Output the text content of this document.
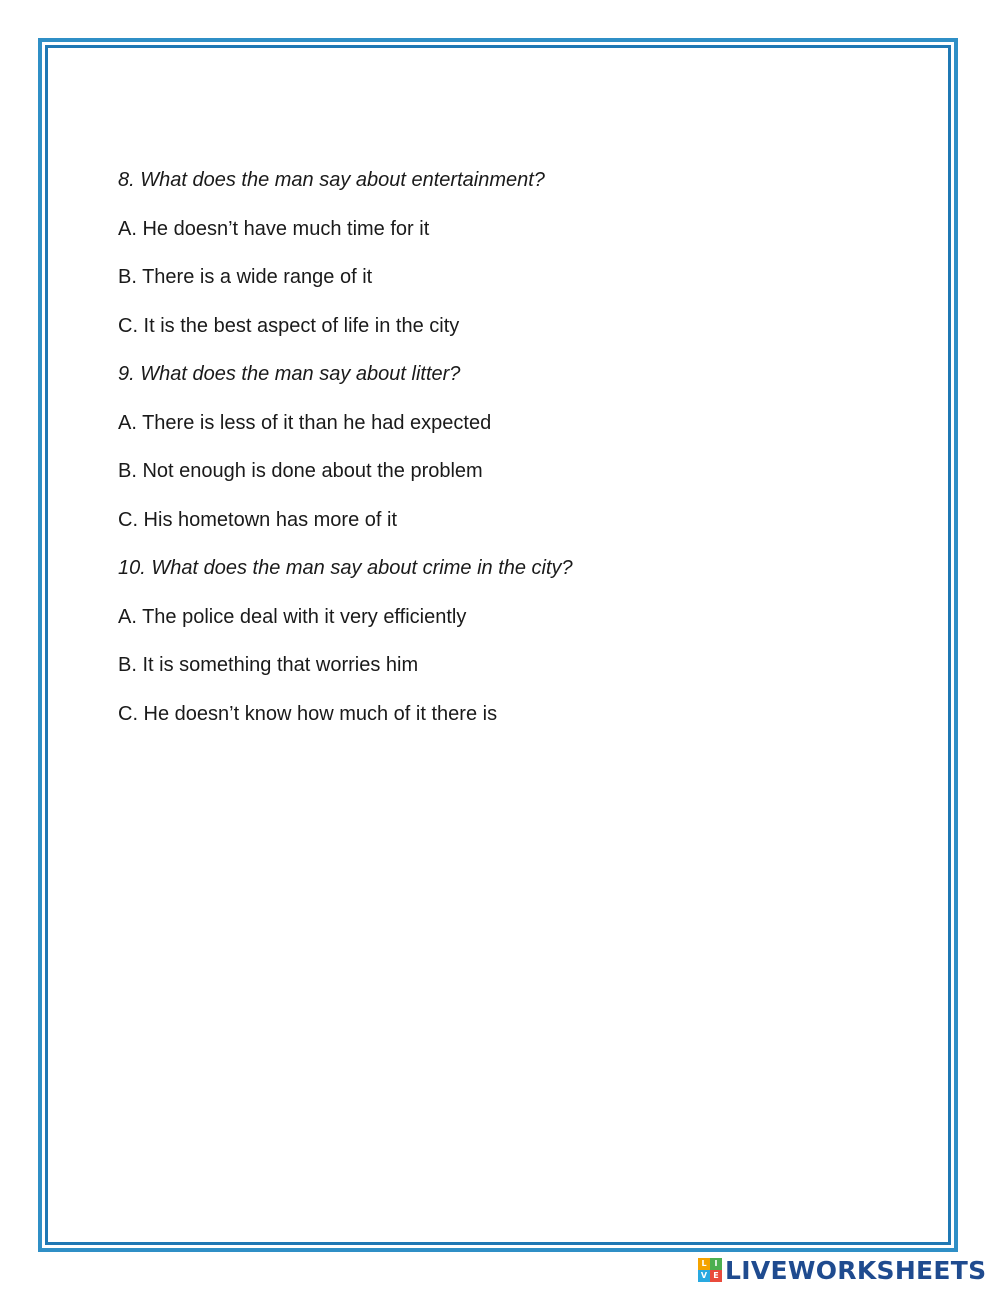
8. What does the man say about entertainment?
A. He doesn’t have much time for it
B. There is a wide range of it
C. It is the best aspect of life in the city
9. What does the man say about litter?
A. There is less of it than he had expected
B. Not enough is done about the problem
C. His hometown has more of it
10. What does the man say about crime in the city?
A. The police deal with it very efficiently
B. It is something that worries him
C. He doesn’t know how much of it there is
L I
V E LIVEWORKSHEETS
